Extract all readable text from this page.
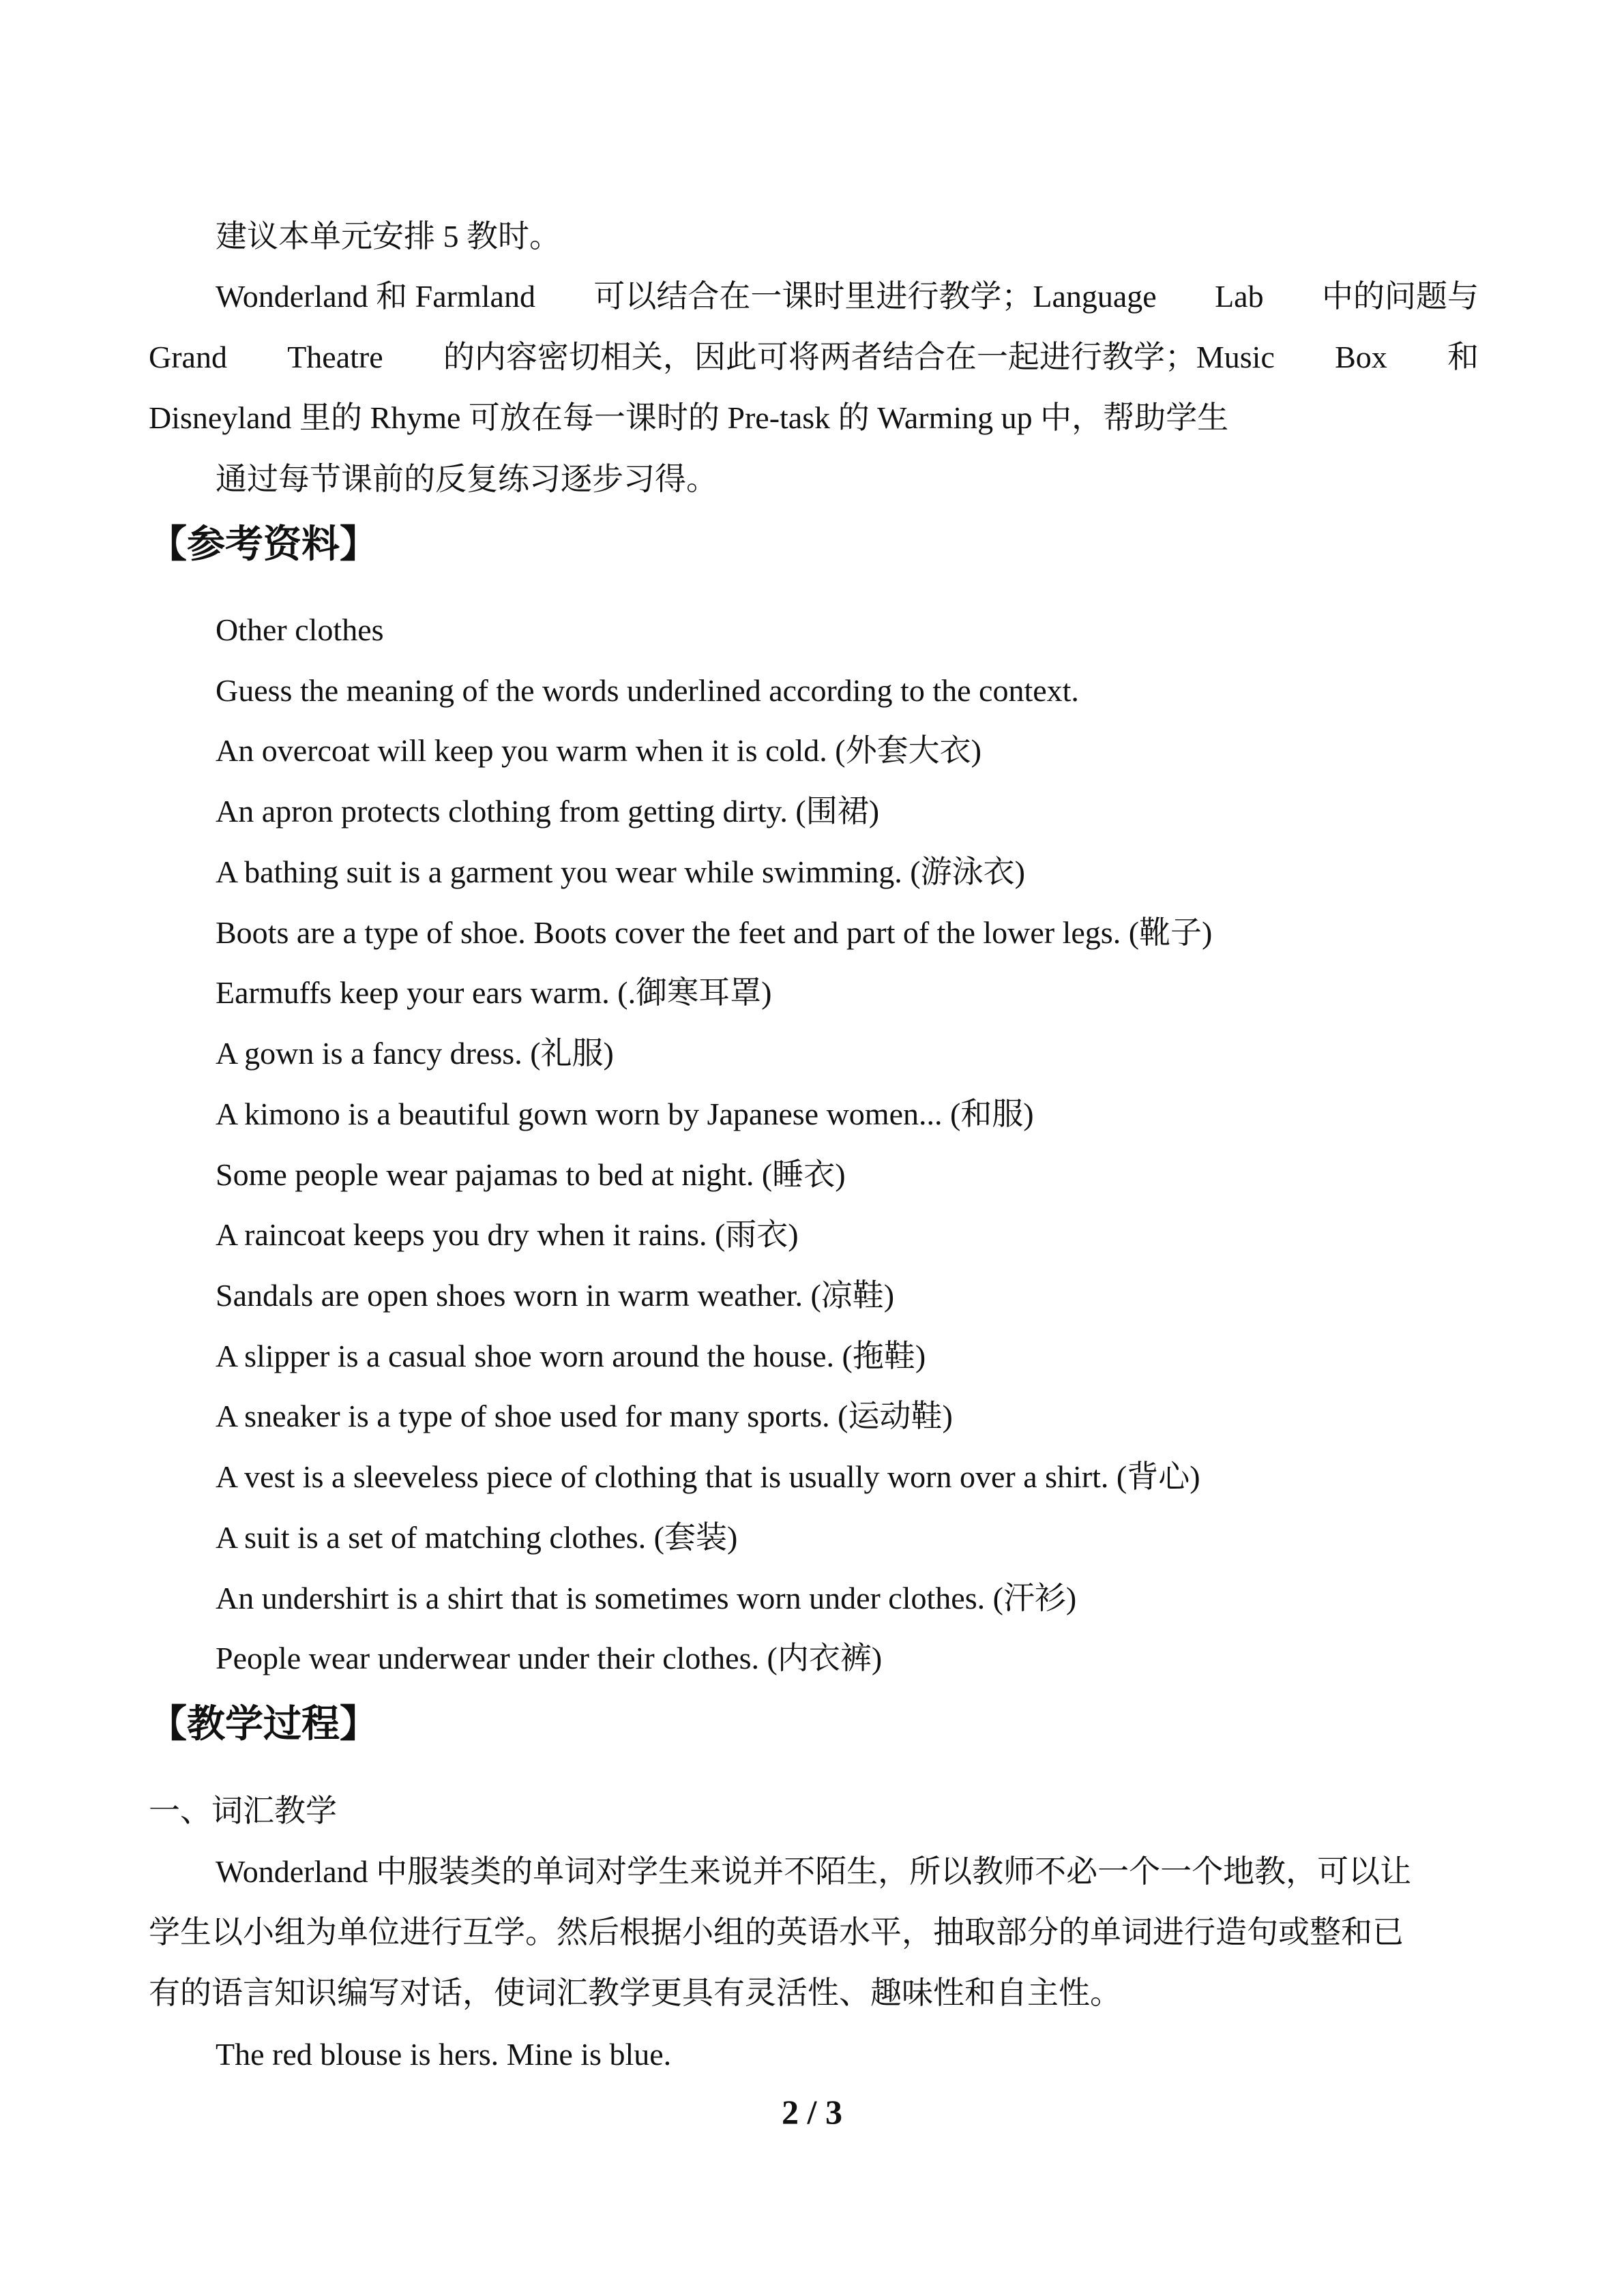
建议本单元安排 5 教时。

Wonderland 和 Farmland 可以结合在一课时里进行教学；Language Lab 中的问题与

Grand Theatre 的内容密切相关，因此可将两者结合在一起进行教学；Music Box 和

Disneyland 里的 Rhyme 可放在每一课时的 Pre-task 的 Warming up 中，帮助学生

通过每节课前的反复练习逐步习得。

【参考资料】

Other clothes

Guess the meaning of the words underlined according to the context.

An overcoat will keep you warm when it is cold. (外套大衣)

An apron protects clothing from getting dirty. (围裙)

A bathing suit is a garment you wear while swimming. (游泳衣)

Boots are a type of shoe. Boots cover the feet and part of the lower legs. (靴子)

Earmuffs keep your ears warm. (.御寒耳罩)

A gown is a fancy dress. (礼服)

A kimono is a beautiful gown worn by Japanese women... (和服)

Some people wear pajamas to bed at night. (睡衣)

A raincoat keeps you dry when it rains. (雨衣)

Sandals are open shoes worn in warm weather. (凉鞋)

A slipper is a casual shoe worn around the house. (拖鞋)

A sneaker is a type of shoe used for many sports. (运动鞋)

A vest is a sleeveless piece of clothing that is usually worn over a shirt. (背心)

A suit is a set of matching clothes. (套装)

An undershirt is a shirt that is sometimes worn under clothes. (汗衫)

People wear underwear under their clothes. (内衣裤)

【教学过程】

一、词汇教学

Wonderland 中服装类的单词对学生来说并不陌生，所以教师不必一个一个地教，可以让

学生以小组为单位进行互学。然后根据小组的英语水平，抽取部分的单词进行造句或整和已

有的语言知识编写对话，使词汇教学更具有灵活性、趣味性和自主性。

The red blouse is hers. Mine is blue.

2 / 3
